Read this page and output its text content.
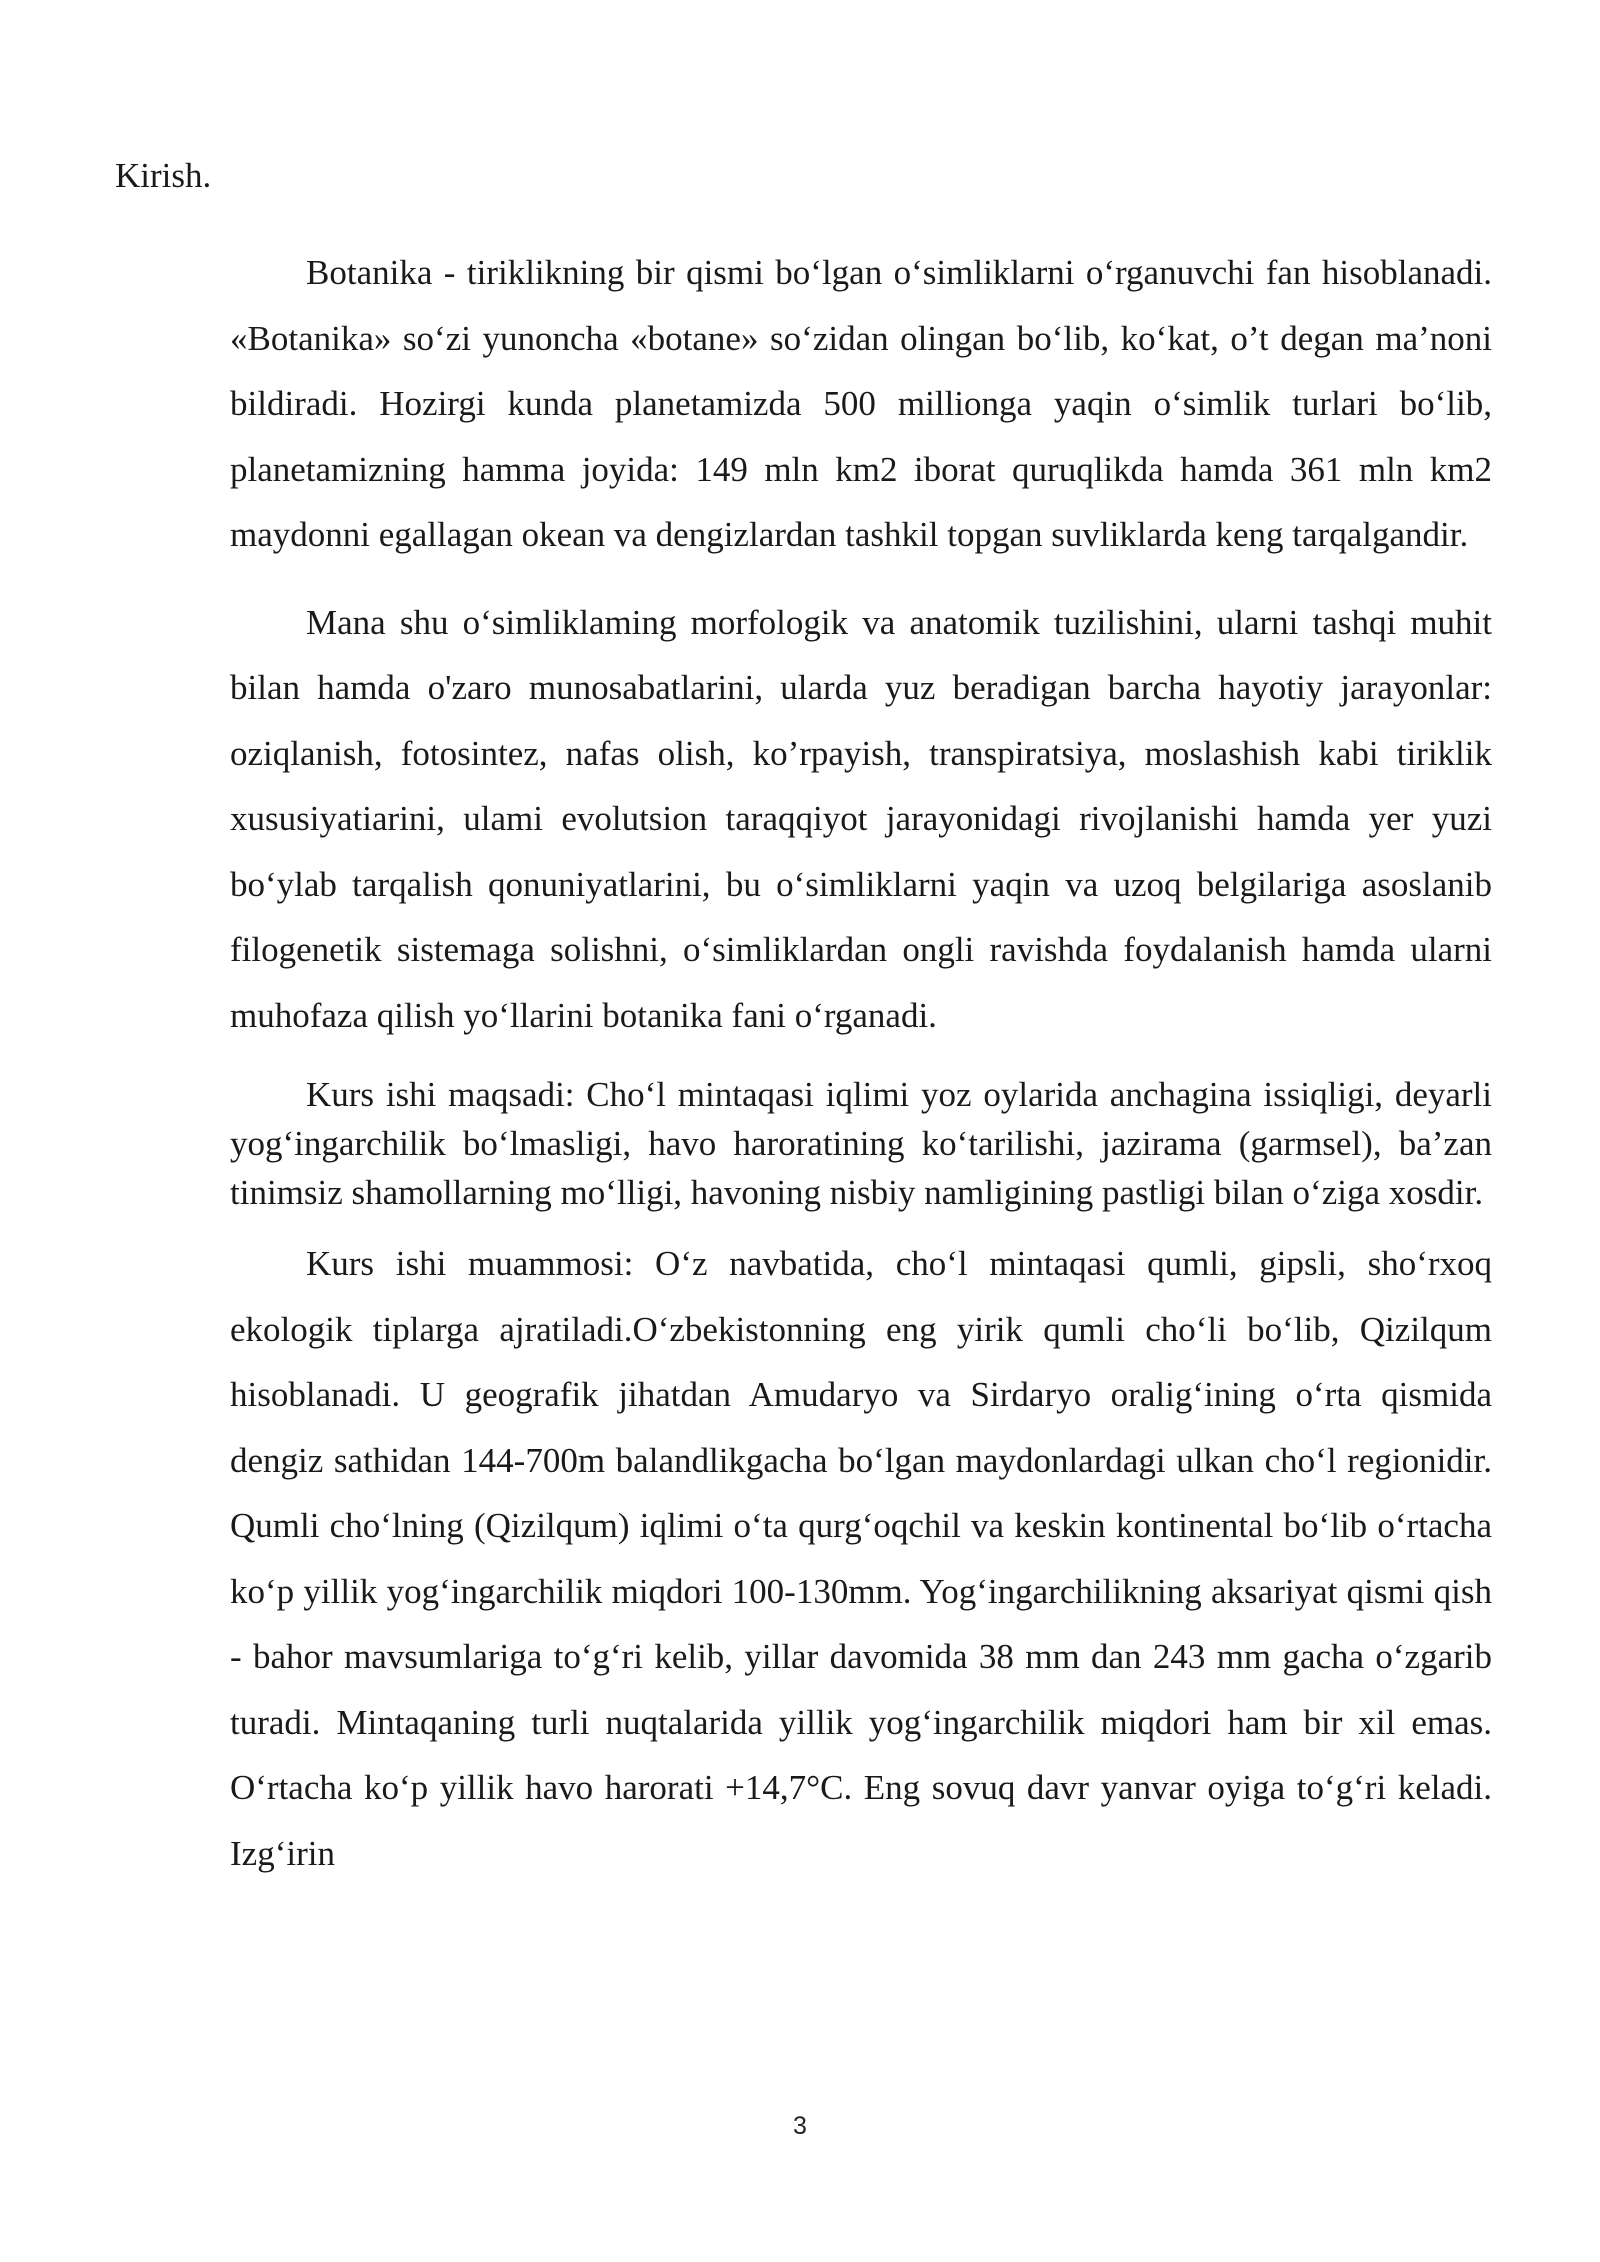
Kirish.

Botanika - tiriklikning bir qismi bo‘lgan o‘simliklarni o‘rganuvchi fan hisoblanadi. «Botanika» so‘zi yunoncha «botane» so‘zidan olingan bo‘lib, ko‘kat, o’t degan ma’noni bildiradi. Hozirgi kunda planetamizda 500 millionga yaqin o‘simlik turlari bo‘lib, planetamizning hamma joyida: 149 mln km2 iborat quruqlikda hamda 361 mln km2 maydonni egallagan okean va dengizlardan tashkil topgan suvliklarda keng tarqalgandir.

Mana shu o‘simliklaming morfologik va anatomik tuzilishini, ularni tashqi muhit bilan hamda o'zaro munosabatlarini, ularda yuz beradigan barcha hayotiy jarayonlar: oziqlanish, fotosintez, nafas olish, ko’rpayish, transpiratsiya, moslashish kabi tiriklik xususiyatiarini, ulami evolutsion taraqqiyot jarayonidagi rivojlanishi hamda yer yuzi bo‘ylab tarqalish qonuniyatlarini, bu o‘simliklarni yaqin va uzoq belgilariga asoslanib filogenetik sistemaga solishni, o‘simliklardan ongli ravishda foydalanish hamda ularni muhofaza qilish yo‘llarini botanika fani o‘rganadi.

Kurs ishi maqsadi: Cho‘l mintaqasi iqlimi yoz oylarida anchagina issiqligi, deyarli yog‘ingarchilik bo‘lmasligi, havo haroratining ko‘tarilishi, jazirama (garmsel), ba’zan tinimsiz shamollarning mo‘lligi, havoning nisbiy namligining pastligi bilan o‘ziga xosdir.

Kurs ishi muammosi: O‘z navbatida, cho‘l mintaqasi qumli, gipsli, sho‘rxoq ekologik tiplarga ajratiladi.O‘zbekistonning eng yirik qumli cho‘li bo‘lib, Qizilqum hisoblanadi. U geografik jihatdan Amudaryo va Sirdaryo oralig‘ining o‘rta qismida dengiz sathidan 144-700m balandlikgacha bo‘lgan maydonlardagi ulkan cho‘l regionidir. Qumli cho‘lning (Qizilqum) iqlimi o‘ta qurg‘oqchil va keskin kontinental bo‘lib o‘rtacha ko‘p yillik yog‘ingarchilik miqdori 100-130mm. Yog‘ingarchilikning aksariyat qismi qish - bahor mavsumlariga to‘g‘ri kelib, yillar davomida 38 mm dan 243 mm gacha o‘zgarib turadi. Mintaqaning turli nuqtalarida yillik yog‘ingarchilik miqdori ham bir xil emas. O‘rtacha ko‘p yillik havo harorati +14,7°C. Eng sovuq davr yanvar oyiga to‘g‘ri keladi. Izg‘irin

3
